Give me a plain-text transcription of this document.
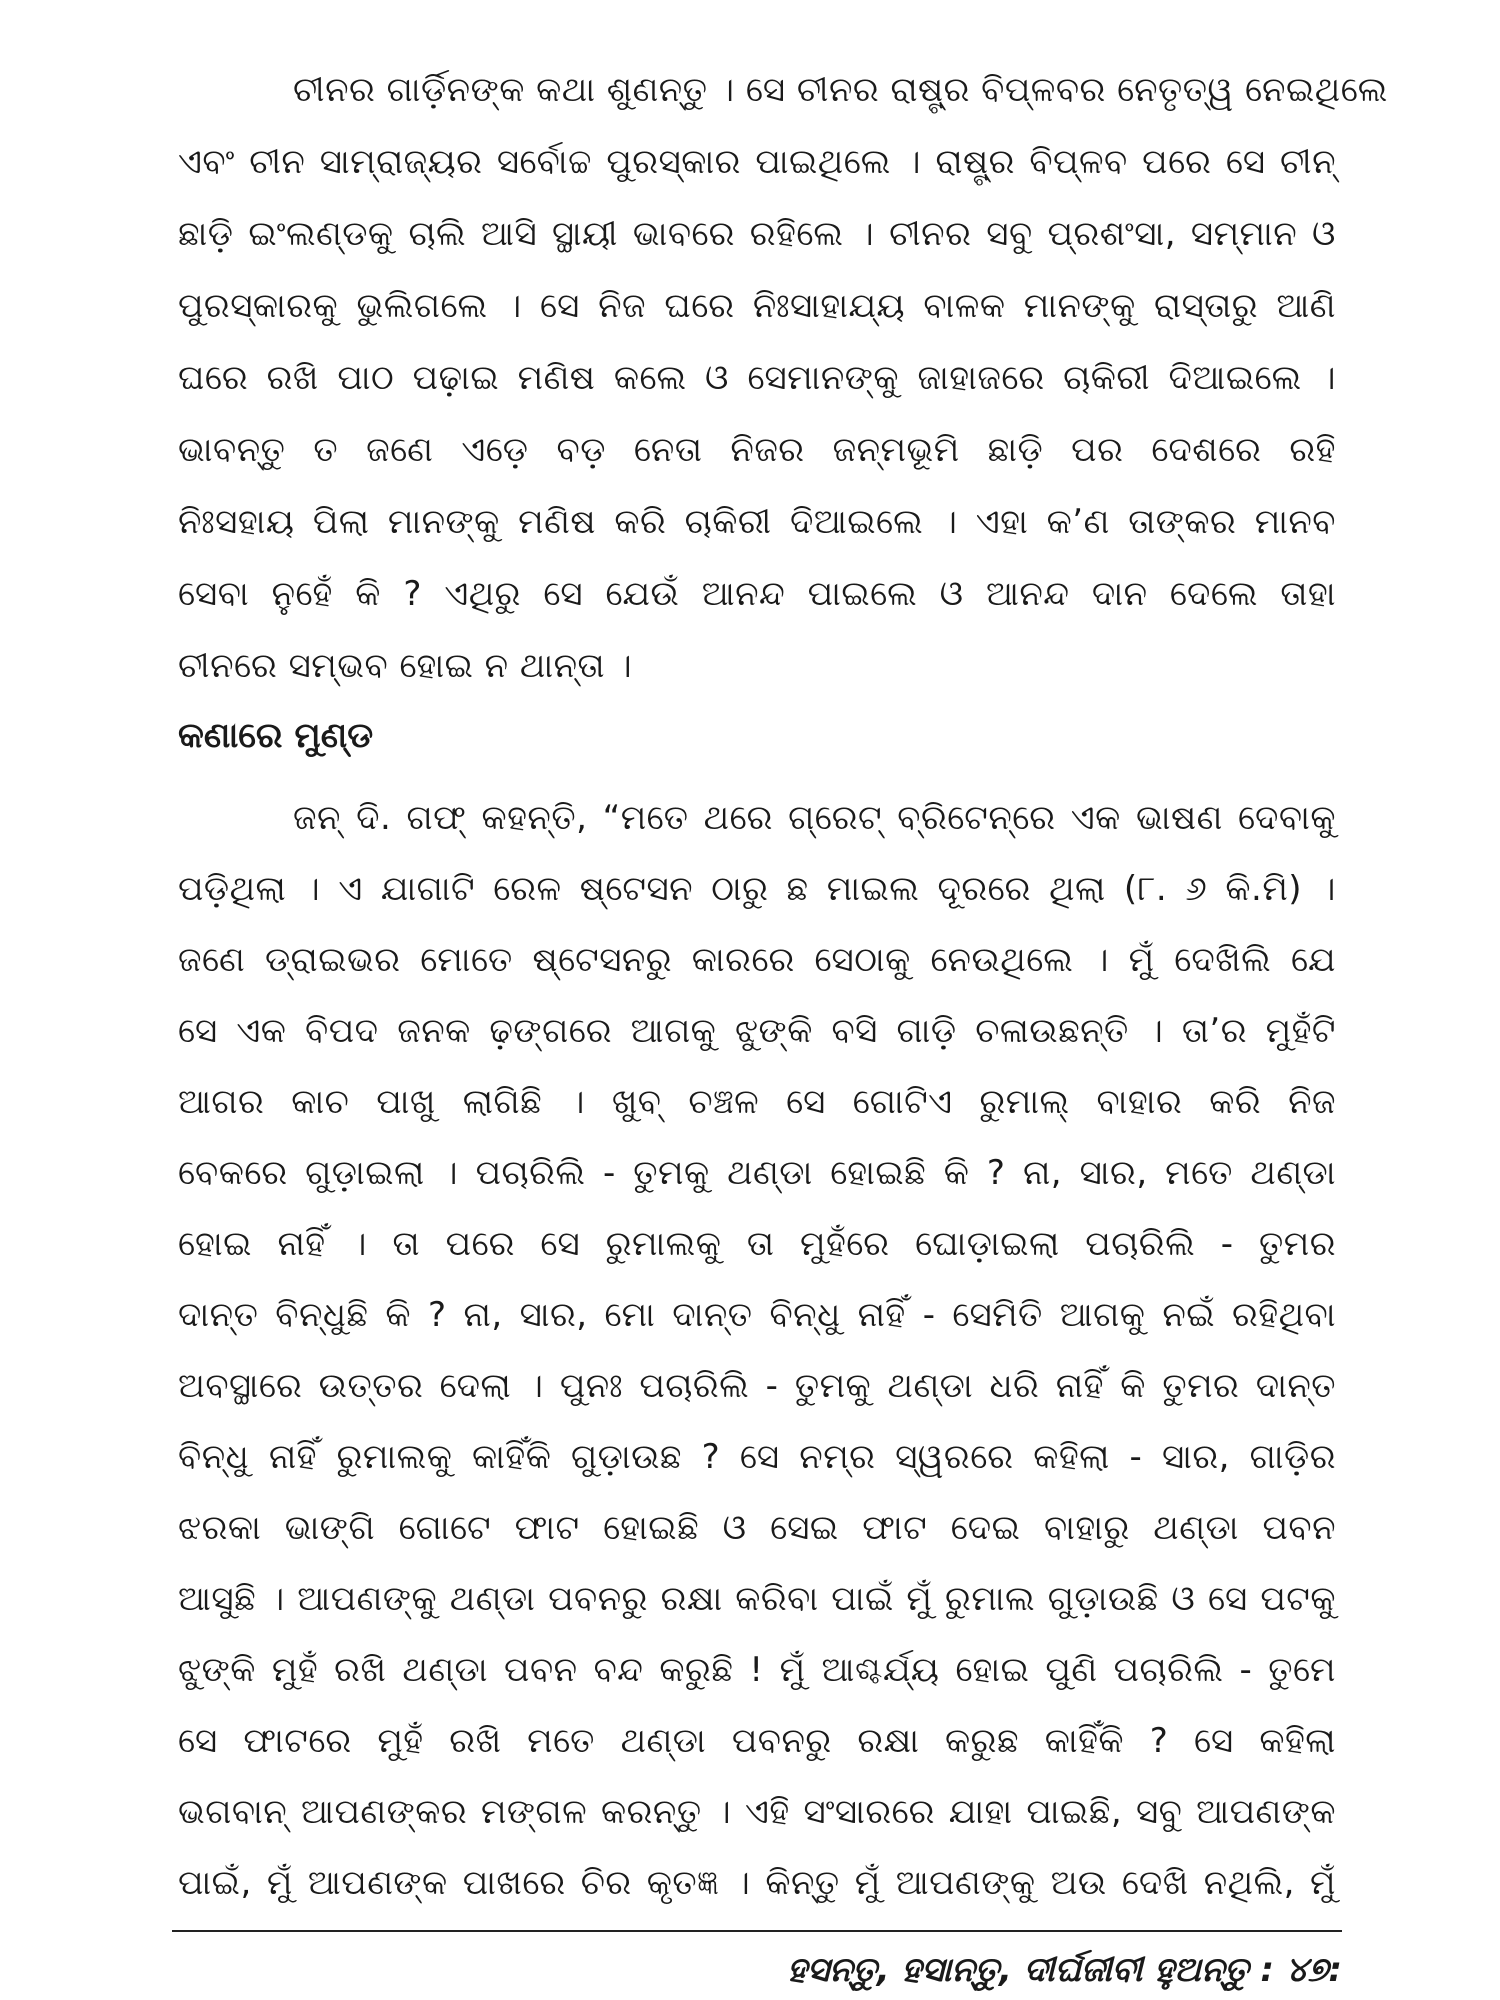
ଚୀନର ଗାର୍ଡ଼ିନଙ୍କ କଥା ଶୁଣନ୍ତୁ । ସେ ଚୀନର ରାଷ୍ଟ୍ର ବିପ୍ଳବର ନେତୃତ୍ୱ ନେଇଥିଲେ
ଏବଂ ଚୀନ ସାମ୍ରାଜ୍ୟର ସର୍ବୋଚ୍ଚ ପୁରସ୍କାର ପାଇଥିଲେ । ରାଷ୍ଟ୍ର ବିପ୍ଳବ ପରେ ସେ ଚୀନ୍
ଛାଡ଼ି ଇଂଲଣ୍ଡକୁ ଚାଲି ଆସି ସ୍ଥାୟୀ ଭାବରେ ରହିଲେ । ଚୀନର ସବୁ ପ୍ରଶଂସା, ସମ୍ମାନ ଓ
ପୁରସ୍କାରକୁ ଭୁଲିଗଲେ । ସେ ନିଜ ଘରେ ନିଃସାହାଯ୍ୟ ବାଳକ ମାନଙ୍କୁ ରାସ୍ତାରୁ ଆଣି
ଘରେ ରଖି ପାଠ ପଢ଼ାଇ ମଣିଷ କଲେ ଓ ସେମାନଙ୍କୁ ଜାହାଜରେ ଚାକିରୀ ଦିଆଇଲେ ।
ଭାବନ୍ତୁ ତ ଜଣେ ଏଡ଼େ ବଡ଼ ନେତା ନିଜର ଜନ୍ମଭୂମି ଛାଡ଼ି ପର ଦେଶରେ ରହି
ନିଃସହାୟ ପିଲା ମାନଙ୍କୁ ମଣିଷ କରି ଚାକିରୀ ଦିଆଇଲେ । ଏହା କ’ଣ ତାଙ୍କର ମାନବ
ସେବା ନୁହେଁ କି ? ଏଥିରୁ ସେ ଯେଉଁ ଆନନ୍ଦ ପାଇଲେ ଓ ଆନନ୍ଦ ଦାନ ଦେଲେ ତାହା
ଚୀନରେ ସମ୍ଭବ ହୋଇ ନ ଥାନ୍ତା ।
କଣାରେ ମୁଣ୍ଡ
ଜନ୍ ଦି. ଗଫ୍ କହନ୍ତି, “ମତେ ଥରେ ଗ୍ରେଟ୍ ବ୍ରିଟେନ୍‌ରେ ଏକ ଭାଷଣ ଦେବାକୁ
ପଡ଼ିଥିଲା । ଏ ଯାଗାଟି ରେଳ ଷ୍ଟେସନ ଠାରୁ ଛ ମାଇଲ ଦୂରରେ ଥିଲା (୮. ୬ କି.ମି) ।
ଜଣେ ଡ୍ରାଇଭର ମୋତେ ଷ୍ଟେସନରୁ କାରରେ ସେଠାକୁ ନେଉଥିଲେ । ମୁଁ ଦେଖିଲି ଯେ
ସେ ଏକ ବିପଦ ଜନକ ଢ଼ଙ୍ଗରେ ଆଗକୁ ଝୁଙ୍କି ବସି ଗାଡ଼ି ଚଳାଉଛନ୍ତି । ତା’ର ମୁହଁଟି
ଆଗର କାଚ ପାଖୁ ଲାଗିଛି । ଖୁବ୍ ଚଞ୍ଚଳ ସେ ଗୋଟିଏ ରୁମାଲ୍ ବାହାର କରି ନିଜ
ବେକରେ ଗୁଡ଼ାଇଲା । ପଚାରିଲି - ତୁମକୁ ଥଣ୍ଡା ହୋଇଛି କି ? ନା, ସାର, ମତେ ଥଣ୍ଡା
ହୋଇ ନାହିଁ । ତା ପରେ ସେ ରୁମାଲକୁ ତା ମୁହଁରେ ଘୋଡ଼ାଇଲା ପଚାରିଲି - ତୁମର
ଦାନ୍ତ ବିନ୍ଧୁଛି କି ? ନା, ସାର, ମୋ ଦାନ୍ତ ବିନ୍ଧୁ ନାହିଁ - ସେମିତି ଆଗକୁ ନଇଁ ରହିଥିବା
ଅବସ୍ଥାରେ ଉତ୍ତର ଦେଲା । ପୁନଃ ପଚାରିଲି - ତୁମକୁ ଥଣ୍ଡା ଧରି ନାହିଁ କି ତୁମର ଦାନ୍ତ
ବିନ୍ଧୁ ନାହିଁ ରୁମାଲକୁ କାହିଁକି ଗୁଡ଼ାଉଛ ? ସେ ନମ୍ର ସ୍ୱରରେ କହିଲା - ସାର, ଗାଡ଼ିର
ଝରକା ଭାଙ୍ଗି ଗୋଟେ ଫାଟ ହୋଇଛି ଓ ସେଇ ଫାଟ ଦେଇ ବାହାରୁ ଥଣ୍ଡା ପବନ
ଆସୁଛି । ଆପଣଙ୍କୁ ଥଣ୍ଡା ପବନରୁ ରକ୍ଷା କରିବା ପାଇଁ ମୁଁ ରୁମାଲ ଗୁଡ଼ାଉଛି ଓ ସେ ପଟକୁ
ଝୁଙ୍କି ମୁହଁ ରଖି ଥଣ୍ଡା ପବନ ବନ୍ଦ କରୁଛି ! ମୁଁ ଆଶ୍ଚର୍ଯ୍ୟ ହୋଇ ପୁଣି ପଚାରିଲି - ତୁମେ
ସେ ଫାଟରେ ମୁହଁ ରଖି ମତେ ଥଣ୍ଡା ପବନରୁ ରକ୍ଷା କରୁଛ କାହିଁକି ? ସେ କହିଲା
ଭଗବାନ୍ ଆପଣଙ୍କର ମଙ୍ଗଳ କରନ୍ତୁ । ଏହି ସଂସାରରେ ଯାହା ପାଇଛି, ସବୁ ଆପଣଙ୍କ
ପାଇଁ, ମୁଁ ଆପଣଙ୍କ ପାଖରେ ଚିର କୃତଜ୍ଞ । କିନ୍ତୁ ମୁଁ ଆପଣଙ୍କୁ ଅଉ ଦେଖି ନଥିଲି, ମୁଁ
ହସନ୍ତୁ, ହସାନ୍ତୁ, ଦୀର୍ଘଜୀବୀ ହୁଅନ୍ତୁ : ୪୭:
